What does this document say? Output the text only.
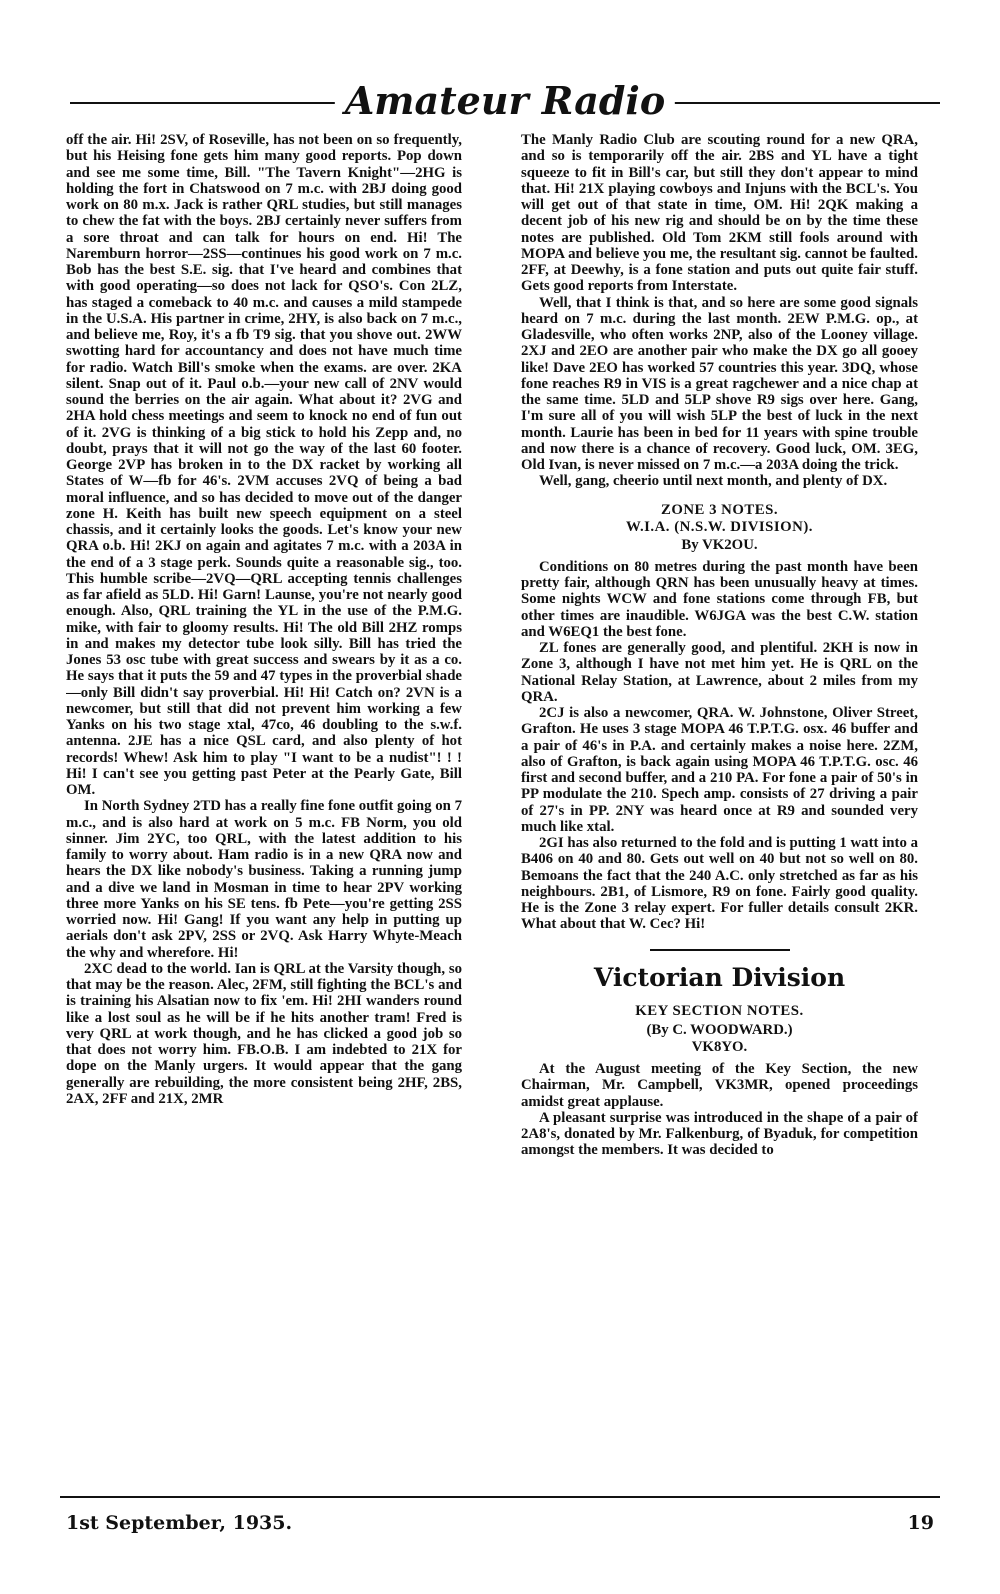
Amateur Radio

off the air. Hi! 2SV, of Roseville, has not been on so frequently, but his Heising fone gets him many good reports. Pop down and see me some time, Bill. "The Tavern Knight"—2HG is holding the fort in Chatswood on 7 m.c. with 2BJ doing good work on 80 m.x. Jack is rather QRL studies, but still manages to chew the fat with the boys. 2BJ certainly never suffers from a sore throat and can talk for hours on end. Hi! The Naremburn horror—2SS—continues his good work on 7 m.c. Bob has the best S.E. sig. that I've heard and combines that with good operating—so does not lack for QSO's. Con 2LZ, has staged a comeback to 40 m.c. and causes a mild stampede in the U.S.A. His partner in crime, 2HY, is also back on 7 m.c., and believe me, Roy, it's a fb T9 sig. that you shove out. 2WW swotting hard for accountancy and does not have much time for radio. Watch Bill's smoke when the exams. are over. 2KA silent. Snap out of it. Paul o.b.—your new call of 2NV would sound the berries on the air again. What about it? 2VG and 2HA hold chess meetings and seem to knock no end of fun out of it. 2VG is thinking of a big stick to hold his Zepp and, no doubt, prays that it will not go the way of the last 60 footer. George 2VP has broken in to the DX racket by working all States of W—fb for 46's. 2VM accuses 2VQ of being a bad moral influence, and so has decided to move out of the danger zone H. Keith has built new speech equipment on a steel chassis, and it certainly looks the goods. Let's know your new QRA o.b. Hi! 2KJ on again and agitates 7 m.c. with a 203A in the end of a 3 stage perk. Sounds quite a reasonable sig., too. This humble scribe—2VQ—QRL accepting tennis challenges as far afield as 5LD. Hi! Garn! Launse, you're not nearly good enough. Also, QRL training the YL in the use of the P.M.G. mike, with fair to gloomy results. Hi! The old Bill 2HZ romps in and makes my detector tube look silly. Bill has tried the Jones 53 osc tube with great success and swears by it as a co. He says that it puts the 59 and 47 types in the proverbial shade—only Bill didn't say proverbial. Hi! Hi! Catch on? 2VN is a newcomer, but still that did not prevent him working a few Yanks on his two stage xtal, 47co, 46 doubling to the s.w.f. antenna. 2JE has a nice QSL card, and also plenty of hot records! Whew! Ask him to play "I want to be a nudist"! ! ! Hi! I can't see you getting past Peter at the Pearly Gate, Bill OM.

In North Sydney 2TD has a really fine fone outfit going on 7 m.c., and is also hard at work on 5 m.c. FB Norm, you old sinner. Jim 2YC, too QRL, with the latest addition to his family to worry about. Ham radio is in a new QRA now and hears the DX like nobody's business. Taking a running jump and a dive we land in Mosman in time to hear 2PV working three more Yanks on his SE tens. fb Pete—you're getting 2SS worried now. Hi! Gang! If you want any help in putting up aerials don't ask 2PV, 2SS or 2VQ. Ask Harry Whyte-Meach the why and wherefore. Hi!

2XC dead to the world. Ian is QRL at the Varsity though, so that may be the reason. Alec, 2FM, still fighting the BCL's and is training his Alsatian now to fix 'em. Hi! 2HI wanders round like a lost soul as he will be if he hits another tram! Fred is very QRL at work though, and he has clicked a good job so that does not worry him. FB.O.B. I am indebted to 21X for dope on the Manly urgers. It would appear that the gang generally are rebuilding, the more consistent being 2HF, 2BS, 2AX, 2FF and 21X, 2MR

The Manly Radio Club are scouting round for a new QRA, and so is temporarily off the air. 2BS and YL have a tight squeeze to fit in Bill's car, but still they don't appear to mind that. Hi! 21X playing cowboys and Injuns with the BCL's. You will get out of that state in time, OM. Hi! 2QK making a decent job of his new rig and should be on by the time these notes are published. Old Tom 2KM still fools around with MOPA and believe you me, the resultant sig. cannot be faulted. 2FF, at Deewhy, is a fone station and puts out quite fair stuff. Gets good reports from Interstate.

Well, that I think is that, and so here are some good signals heard on 7 m.c. during the last month. 2EW P.M.G. op., at Gladesville, who often works 2NP, also of the Looney village. 2XJ and 2EO are another pair who make the DX go all gooey like! Dave 2EO has worked 57 countries this year. 3DQ, whose fone reaches R9 in VIS is a great ragchewer and a nice chap at the same time. 5LD and 5LP shove R9 sigs over here. Gang, I'm sure all of you will wish 5LP the best of luck in the next month. Laurie has been in bed for 11 years with spine trouble and now there is a chance of recovery. Good luck, OM. 3EG, Old Ivan, is never missed on 7 m.c.—a 203A doing the trick.

Well, gang, cheerio until next month, and plenty of DX.

ZONE 3 NOTES.
W.I.A. (N.S.W. DIVISION).
By VK2OU.

Conditions on 80 metres during the past month have been pretty fair, although QRN has been unusually heavy at times. Some nights WCW and fone stations come through FB, but other times are inaudible. W6JGA was the best C.W. station and W6EQ1 the best fone.

ZL fones are generally good, and plentiful. 2KH is now in Zone 3, although I have not met him yet. He is QRL on the National Relay Station, at Lawrence, about 2 miles from my QRA.

2CJ is also a newcomer, QRA. W. Johnstone, Oliver Street, Grafton. He uses 3 stage MOPA 46 T.P.T.G. osx. 46 buffer and a pair of 46's in P.A. and certainly makes a noise here. 2ZM, also of Grafton, is back again using MOPA 46 T.P.T.G. osc. 46 first and second buffer, and a 210 PA. For fone a pair of 50's in PP modulate the 210. Spech amp. consists of 27 driving a pair of 27's in PP. 2NY was heard once at R9 and sounded very much like xtal.

2GI has also returned to the fold and is putting 1 watt into a B406 on 40 and 80. Gets out well on 40 but not so well on 80. Bemoans the fact that the 240 A.C. only stretched as far as his neighbours. 2B1, of Lismore, R9 on fone. Fairly good quality. He is the Zone 3 relay expert. For fuller details consult 2KR. What about that W. Cec? Hi!

Victorian Division
KEY SECTION NOTES.
(By C. WOODWARD.)
VK8YO.

At the August meeting of the Key Section, the new Chairman, Mr. Campbell, VK3MR, opened proceedings amidst great applause.

A pleasant surprise was introduced in the shape of a pair of 2A8's, donated by Mr. Falkenburg, of Byaduk, for competition amongst the members. It was decided to

1st September, 1935.	19
